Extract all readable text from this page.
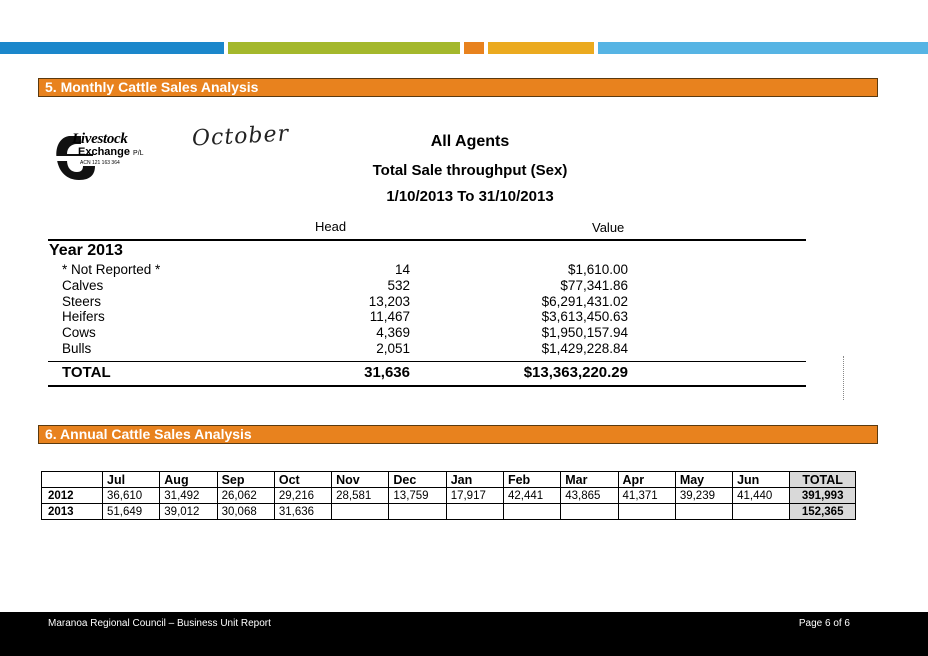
5. Monthly Cattle Sales Analysis
Livestock
Exchange P/L
ACN 121 163 364
October	All Agents
Total Sale throughput (Sex)
1/10/2013 To 31/10/2013
Head	Value
Year 2013
* Not Reported *	14	$1,610.00
Calves	532	$77,341.86
Steers	13,203	$6,291,431.02
Heifers	11,467	$3,613,450.63
Cows	4,369	$1,950,157.94
Bulls	2,051	$1,429,228.84
TOTAL	31,636	$13,363,220.29
6. Annual Cattle Sales Analysis
	Jul	Aug	Sep	Oct	Nov	Dec	Jan	Feb	Mar	Apr	May	Jun	TOTAL
2012	36,610	31,492	26,062	29,216	28,581	13,759	17,917	42,441	43,865	41,371	39,239	41,440	391,993
2013	51,649	39,012	30,068	31,636									152,365
Maranoa Regional Council – Business Unit Report	Page 6 of 6
